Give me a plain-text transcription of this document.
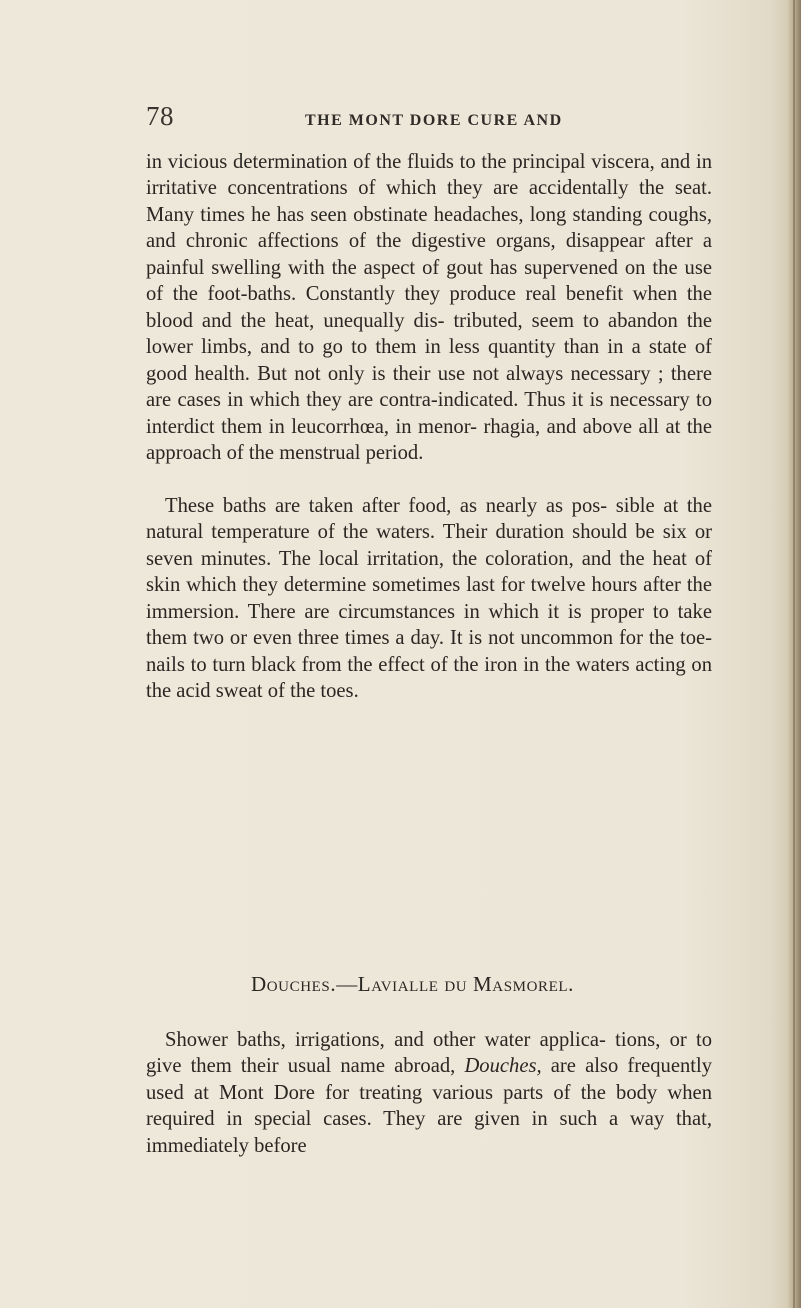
78	THE MONT DORE CURE AND

in vicious determination of the fluids to the principal viscera, and in irritative concentrations of which they are accidentally the seat. Many times he has seen obstinate headaches, long standing coughs, and chronic affections of the digestive organs, disappear after a painful swelling with the aspect of gout has supervened on the use of the foot-baths. Constantly they produce real benefit when the blood and the heat, unequally dis- tributed, seem to abandon the lower limbs, and to go to them in less quantity than in a state of good health. But not only is their use not always necessary ; there are cases in which they are contra-indicated. Thus it is necessary to interdict them in leucorrhœa, in menor- rhagia, and above all at the approach of the menstrual period.

These baths are taken after food, as nearly as pos- sible at the natural temperature of the waters. Their duration should be six or seven minutes. The local irritation, the coloration, and the heat of skin which they determine sometimes last for twelve hours after the immersion. There are circumstances in which it is proper to take them two or even three times a day. It is not uncommon for the toe-nails to turn black from the effect of the iron in the waters acting on the acid sweat of the toes.

Douches.—Lavialle du Masmorel.

Shower baths, irrigations, and other water applica- tions, or to give them their usual name abroad, Douches, are also frequently used at Mont Dore for treating various parts of the body when required in special cases. They are given in such a way that, immediately before
